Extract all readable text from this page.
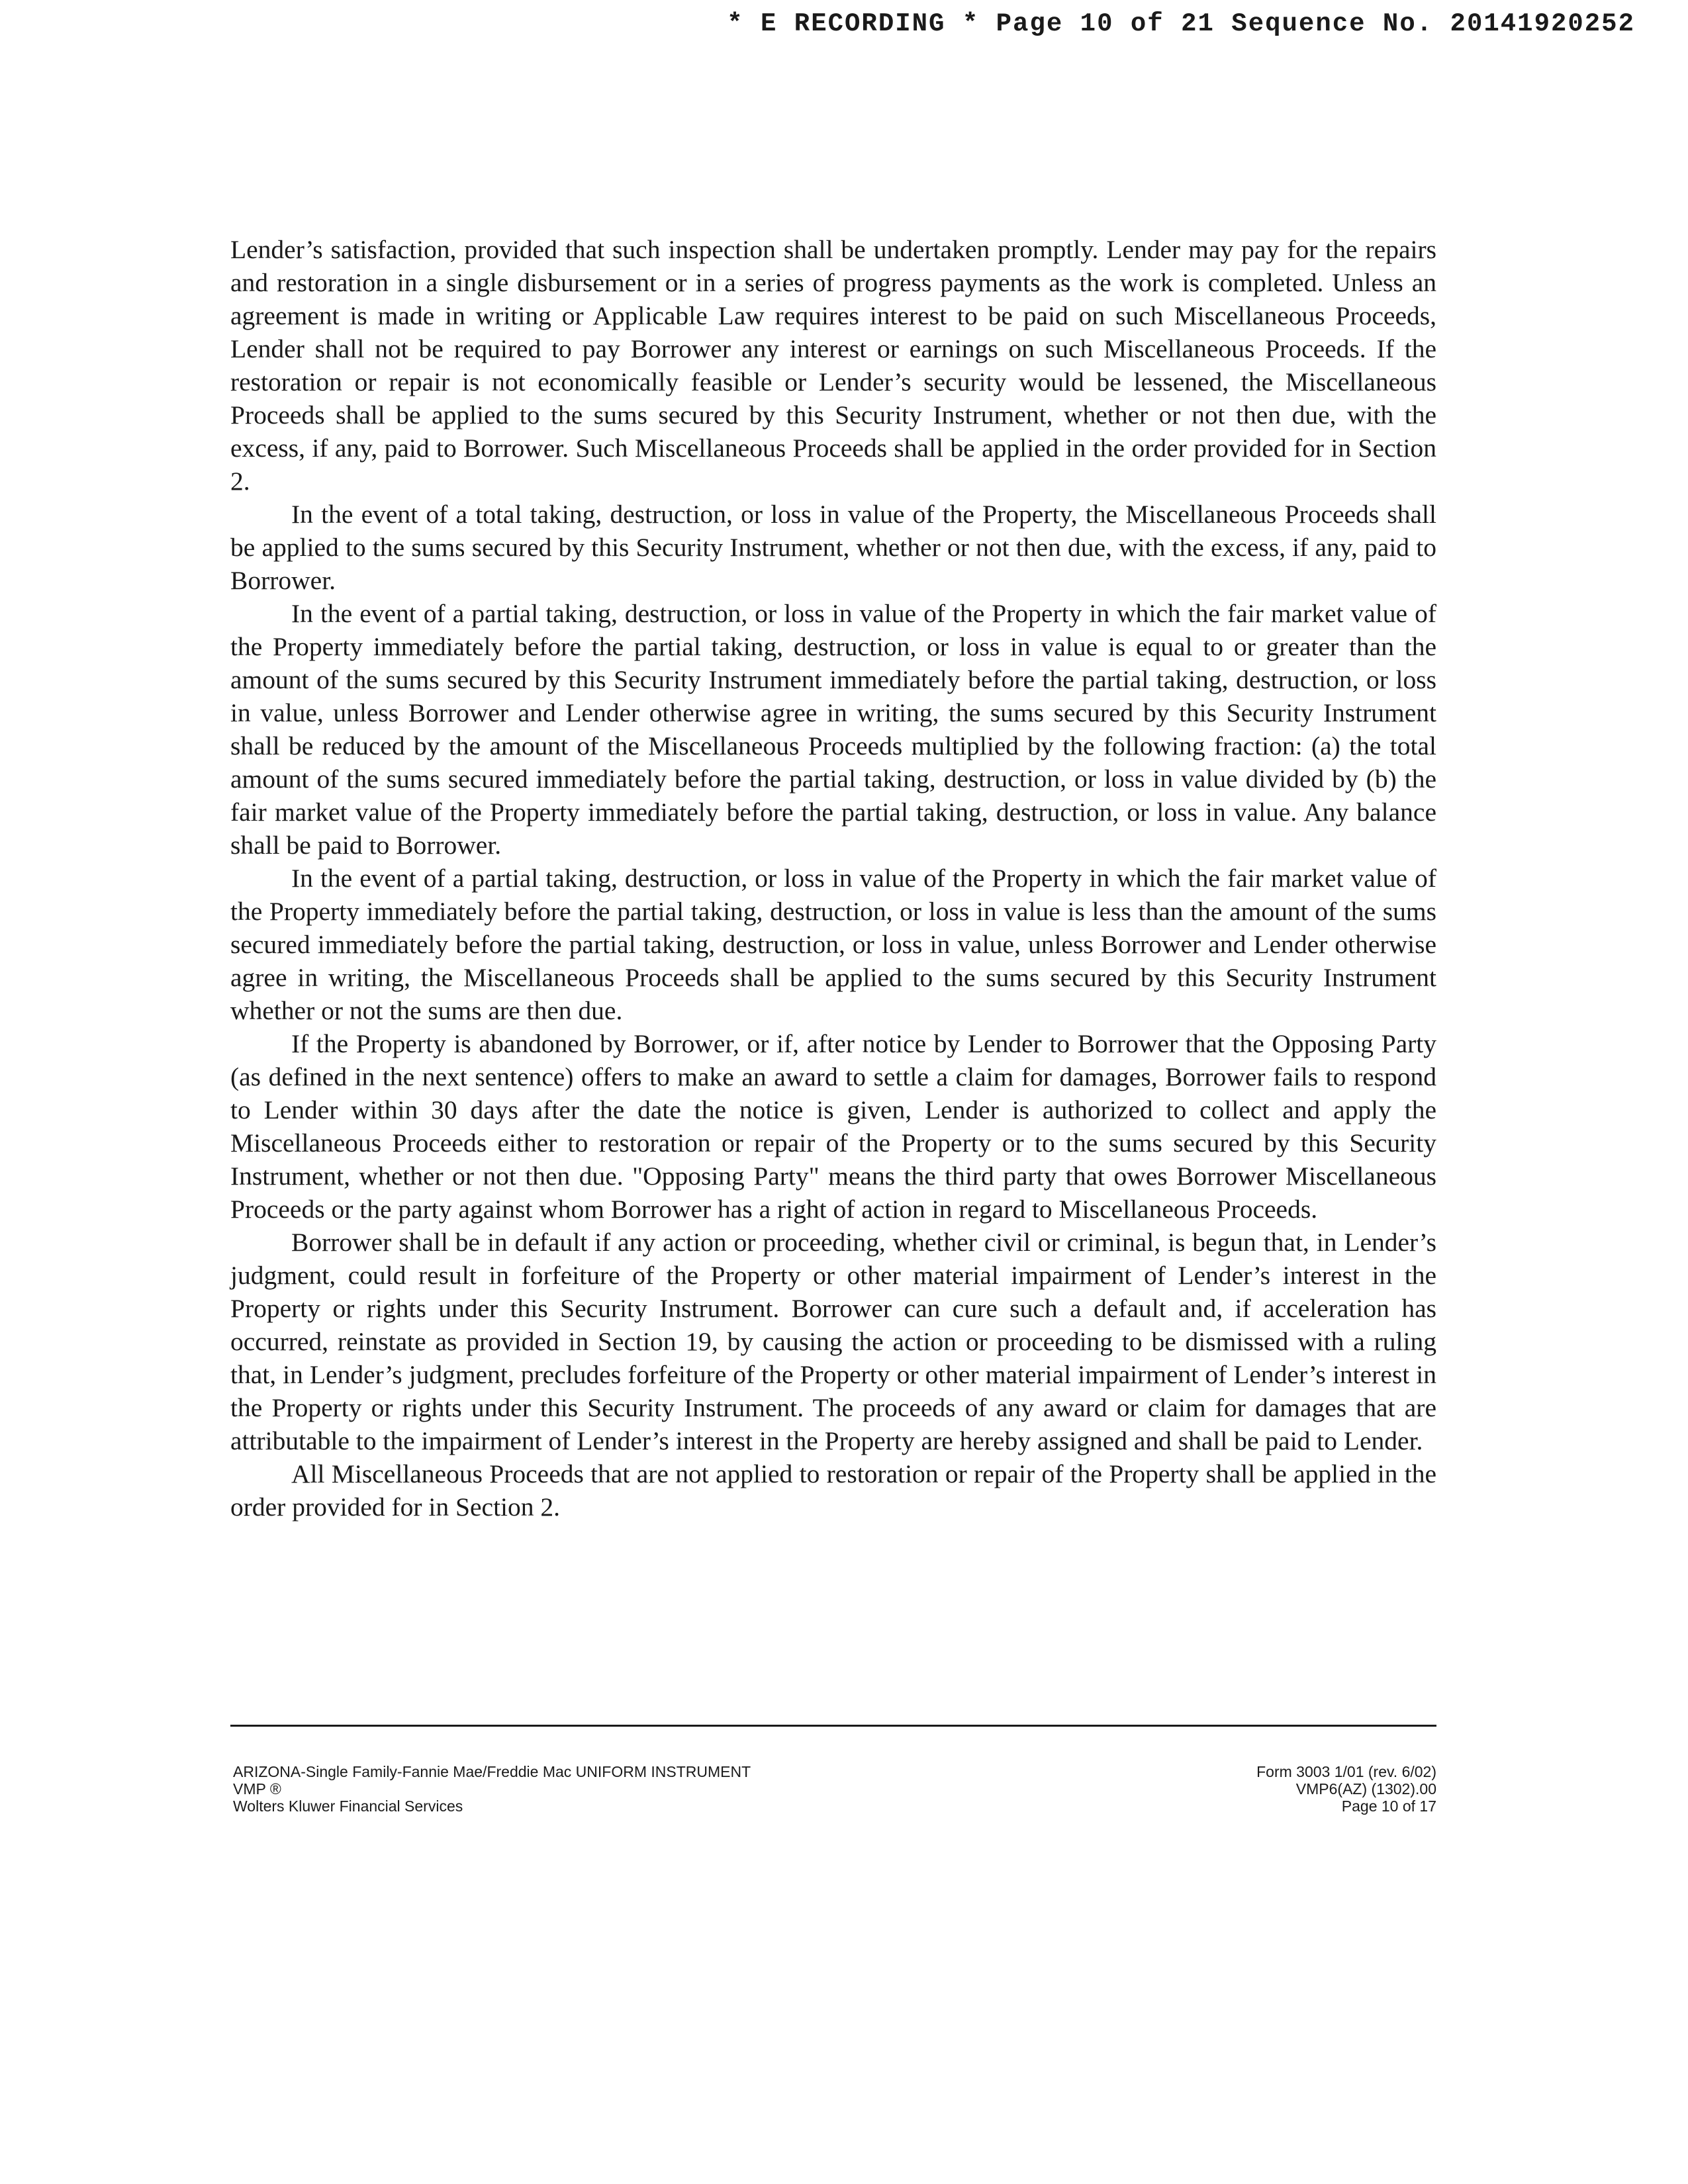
* E RECORDING * Page 10 of 21 Sequence No. 20141920252

Lender’s satisfaction, provided that such inspection shall be undertaken promptly. Lender may pay for the repairs and restoration in a single disbursement or in a series of progress payments as the work is completed. Unless an agreement is made in writing or Applicable Law requires interest to be paid on such Miscellaneous Proceeds, Lender shall not be required to pay Borrower any interest or earnings on such Miscellaneous Proceeds. If the restoration or repair is not economically feasible or Lender’s security would be lessened, the Miscellaneous Proceeds shall be applied to the sums secured by this Security Instrument, whether or not then due, with the excess, if any, paid to Borrower. Such Miscellaneous Proceeds shall be applied in the order provided for in Section 2.

In the event of a total taking, destruction, or loss in value of the Property, the Miscellaneous Proceeds shall be applied to the sums secured by this Security Instrument, whether or not then due, with the excess, if any, paid to Borrower.

In the event of a partial taking, destruction, or loss in value of the Property in which the fair market value of the Property immediately before the partial taking, destruction, or loss in value is equal to or greater than the amount of the sums secured by this Security Instrument immediately before the partial taking, destruction, or loss in value, unless Borrower and Lender otherwise agree in writing, the sums secured by this Security Instrument shall be reduced by the amount of the Miscellaneous Proceeds multiplied by the following fraction: (a) the total amount of the sums secured immediately before the partial taking, destruction, or loss in value divided by (b) the fair market value of the Property immediately before the partial taking, destruction, or loss in value. Any balance shall be paid to Borrower.

In the event of a partial taking, destruction, or loss in value of the Property in which the fair market value of the Property immediately before the partial taking, destruction, or loss in value is less than the amount of the sums secured immediately before the partial taking, destruction, or loss in value, unless Borrower and Lender otherwise agree in writing, the Miscellaneous Proceeds shall be applied to the sums secured by this Security Instrument whether or not the sums are then due.

If the Property is abandoned by Borrower, or if, after notice by Lender to Borrower that the Opposing Party (as defined in the next sentence) offers to make an award to settle a claim for damages, Borrower fails to respond to Lender within 30 days after the date the notice is given, Lender is authorized to collect and apply the Miscellaneous Proceeds either to restoration or repair of the Property or to the sums secured by this Security Instrument, whether or not then due. "Opposing Party" means the third party that owes Borrower Miscellaneous Proceeds or the party against whom Borrower has a right of action in regard to Miscellaneous Proceeds.

Borrower shall be in default if any action or proceeding, whether civil or criminal, is begun that, in Lender’s judgment, could result in forfeiture of the Property or other material impairment of Lender’s interest in the Property or rights under this Security Instrument. Borrower can cure such a default and, if acceleration has occurred, reinstate as provided in Section 19, by causing the action or proceeding to be dismissed with a ruling that, in Lender’s judgment, precludes forfeiture of the Property or other material impairment of Lender’s interest in the Property or rights under this Security Instrument. The proceeds of any award or claim for damages that are attributable to the impairment of Lender’s interest in the Property are hereby assigned and shall be paid to Lender.

All Miscellaneous Proceeds that are not applied to restoration or repair of the Property shall be applied in the order provided for in Section 2.

ARIZONA-Single Family-Fannie Mae/Freddie Mac UNIFORM INSTRUMENT
VMP ®
Wolters Kluwer Financial Services
Form 3003 1/01 (rev. 6/02)
VMP6(AZ) (1302).00
Page 10 of 17
